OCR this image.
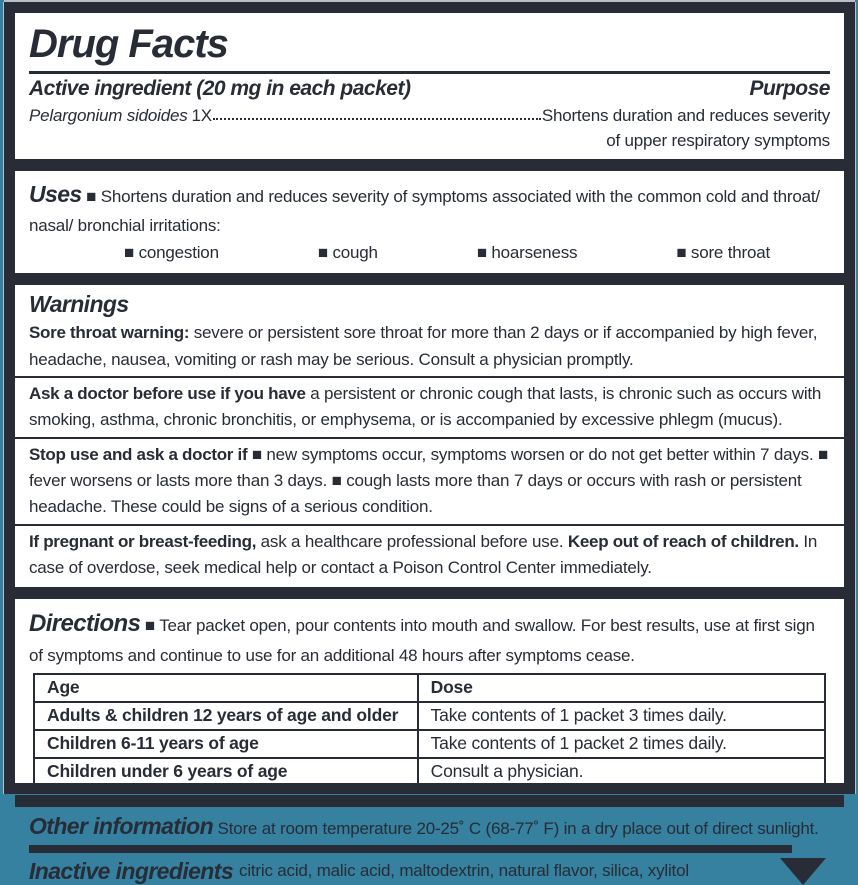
Drug Facts
Active ingredient (20 mg in each packet)	Purpose
Pelargonium sidoides 1X	Shortens duration and reduces severity
of upper respiratory symptoms

Uses ■ Shortens duration and reduces severity of symptoms associated with the common cold and throat/ nasal/ bronchial irritations:

■ congestion	■ cough	■ hoarseness	■ sore throat
Warnings

Sore throat warning: severe or persistent sore throat for more than 2 days or if accompanied by high fever, headache, nausea, vomiting or rash may be serious. Consult a physician promptly.

Ask a doctor before use if you have a persistent or chronic cough that lasts, is chronic such as occurs with smoking, asthma, chronic bronchitis, or emphysema, or is accompanied by excessive phlegm (mucus).

Stop use and ask a doctor if ■ new symptoms occur, symptoms worsen or do not get better within 7 days. ■ fever worsens or lasts more than 3 days. ■ cough lasts more than 7 days or occurs with rash or persistent headache. These could be signs of a serious condition.

If pregnant or breast-feeding, ask a healthcare professional before use. Keep out of reach of children. In case of overdose, seek medical help or contact a Poison Control Center immediately.

Directions ■ Tear packet open, pour contents into mouth and swallow. For best results, use at first sign of symptoms and continue to use for an additional 48 hours after symptoms cease.

Age	Dose
Adults & children 12 years of age and older	Take contents of 1 packet 3 times daily.
Children 6-11 years of age	Take contents of 1 packet 2 times daily.
Children under 6 years of age	Consult a physician.

Other information Store at room temperature 20-25˚ C (68-77˚ F) in a dry place out of direct sunlight.

Inactive ingredients citric acid, malic acid, maltodextrin, natural flavor, silica, xylitol
